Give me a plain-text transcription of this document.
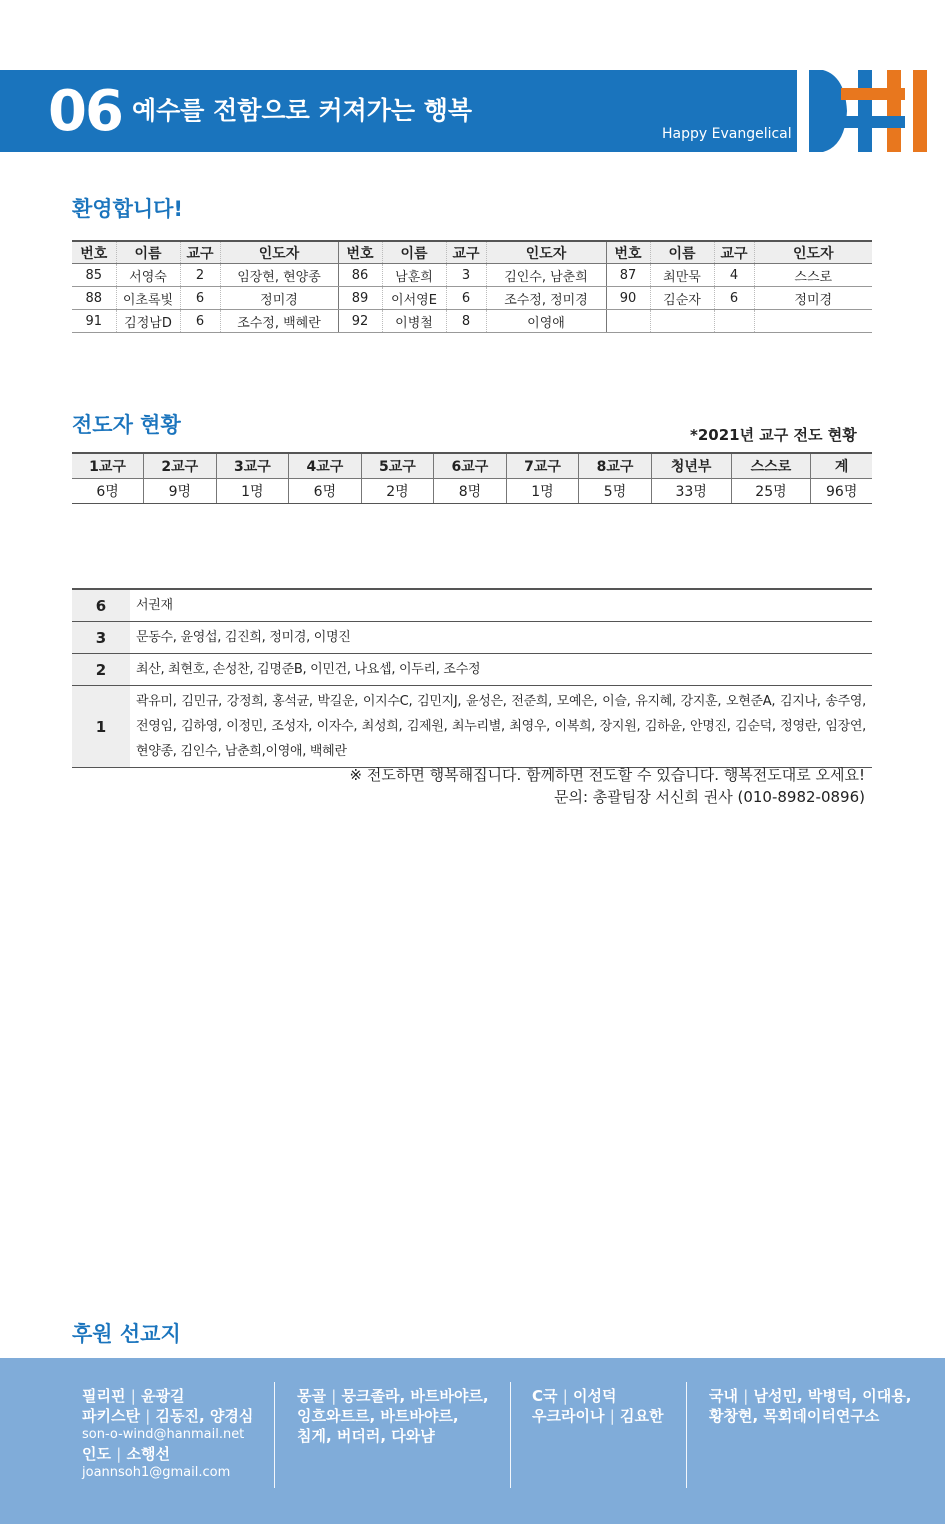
06 예수를 전함으로 커져가는 행복
Happy Evangelical
환영합니다!
번호	이름	교구	인도자	번호	이름	교구	인도자	번호	이름	교구	인도자
85	서영숙	2	임장현, 현양종	86	남훈희	3	김인수, 남춘희	87	최만묵	4	스스로
88	이초록빛	6	정미경	89	이서영E	6	조수정, 정미경	90	김순자	6	정미경
91	김정남D	6	조수정, 백혜란	92	이병철	8	이영애				
전도자 현황	*2021년 교구 전도 현황
1교구	2교구	3교구	4교구	5교구	6교구	7교구	8교구	청년부	스스로	계
6명	9명	1명	6명	2명	8명	1명	5명	33명	25명	96명
6	서권재
3	문동수, 윤영섭, 김진희, 정미경, 이명진
2	최산, 최현호, 손성찬, 김명준B, 이민건, 나요셉, 이두리, 조수정
1	곽유미, 김민규, 강정희, 홍석균, 박길운, 이지수C, 김민지J, 윤성은, 전준희, 모예은, 이슬, 유지혜, 강지훈, 오현준A, 김지나, 송주영, 전영임, 김하영, 이정민, 조성자, 이자수, 최성희, 김제원, 최누리별, 최영우, 이복희, 장지원, 김하윤, 안명진, 김순덕, 정영란, 임장연, 현양종, 김인수, 남춘희,이영애, 백혜란
※ 전도하면 행복해집니다. 함께하면 전도할 수 있습니다. 행복전도대로 오세요!
문의: 총괄팀장 서신희 권사 (010-8982-0896)
후원 선교지
필리핀 | 윤광길
파키스탄 | 김동진, 양경심
son-o-wind@hanmail.net
인도 | 소행선
joannsoh1@gmail.com
몽골 | 뭉크졸라, 바트바야르,
잉흐와트르, 바트바야르,
침게, 버더러, 다와냠
C국 | 이성덕
우크라이나 | 김요한
국내 | 남성민, 박병덕, 이대용,
황창현, 목회데이터연구소
